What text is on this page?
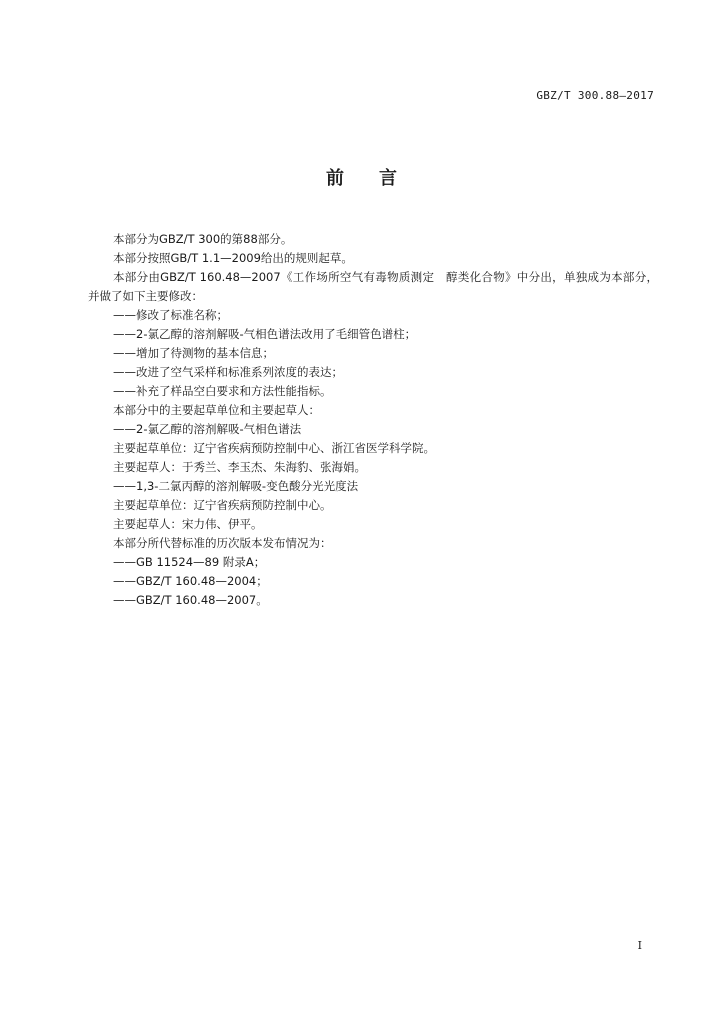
GBZ/T 300.88—2017
前 言
本部分为GBZ/T 300的第88部分。
本部分按照GB/T 1.1—2009给出的规则起草。
本部分由GBZ/T 160.48—2007《工作场所空气有毒物质测定　醇类化合物》中分出，单独成为本部分，并做了如下主要修改：
——修改了标准名称；
——2-氯乙醇的溶剂解吸-气相色谱法改用了毛细管色谱柱；
——增加了待测物的基本信息；
——改进了空气采样和标准系列浓度的表达；
——补充了样品空白要求和方法性能指标。
本部分中的主要起草单位和主要起草人：
——2-氯乙醇的溶剂解吸-气相色谱法
主要起草单位：辽宁省疾病预防控制中心、浙江省医学科学院。
主要起草人：于秀兰、李玉杰、朱海豹、张海娟。
——1,3-二氯丙醇的溶剂解吸-变色酸分光光度法
主要起草单位：辽宁省疾病预防控制中心。
主要起草人：宋力伟、伊平。
本部分所代替标准的历次版本发布情况为：
——GB 11524—89 附录A；
——GBZ/T 160.48—2004；
——GBZ/T 160.48—2007。
I
